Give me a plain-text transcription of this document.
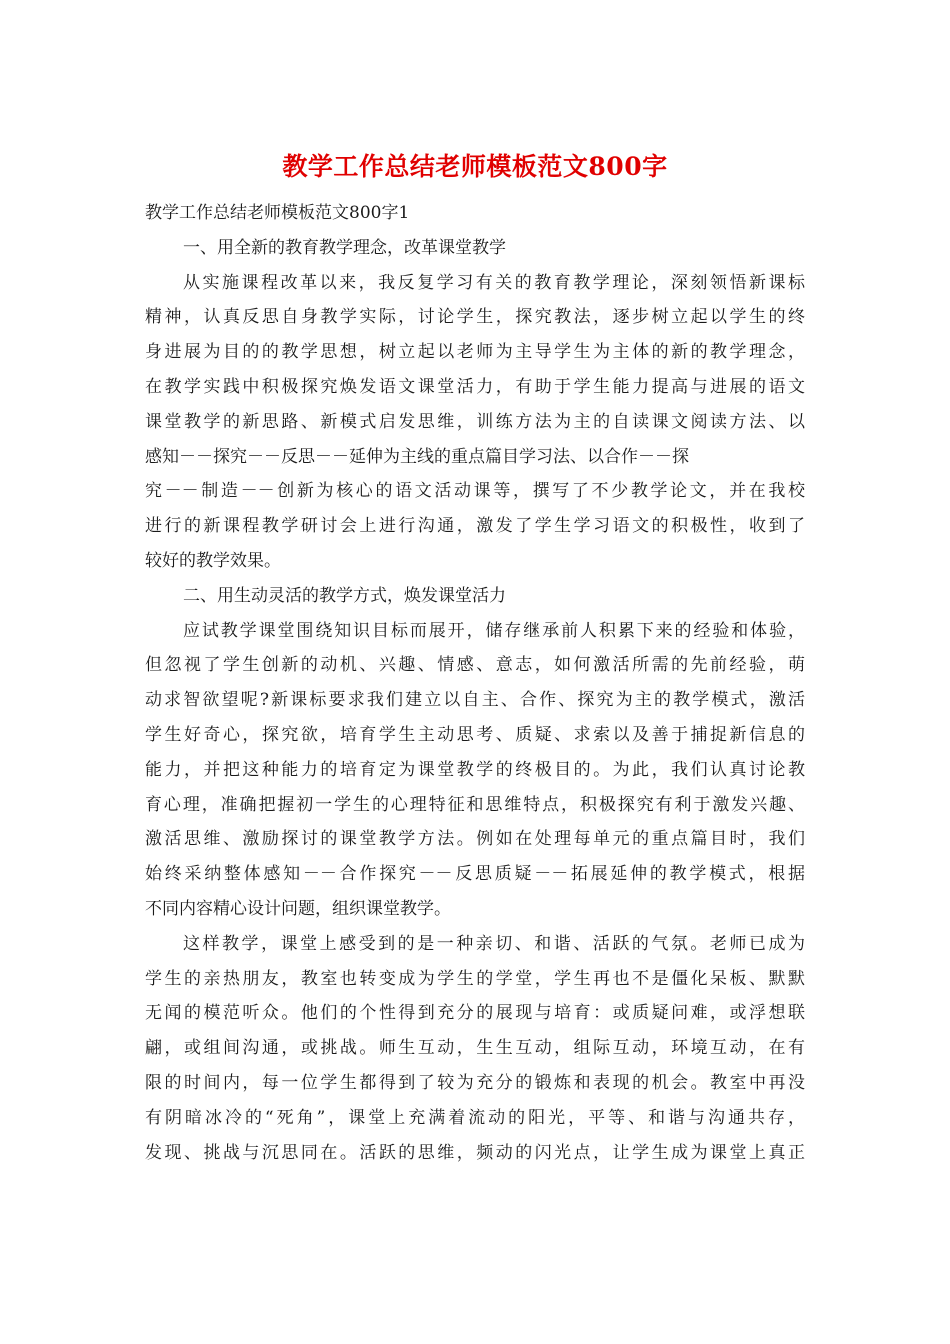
教学工作总结老师模板范文800字
教学工作总结老师模板范文800字1
一、用全新的教育教学理念，改革课堂教学
从实施课程改革以来，我反复学习有关的教育教学理论，深刻领悟新课标
精神，认真反思自身教学实际，讨论学生，探究教法，逐步树立起以学生的终
身进展为目的的教学思想，树立起以老师为主导学生为主体的新的教学理念，
在教学实践中积极探究焕发语文课堂活力，有助于学生能力提高与进展的语文
课堂教学的新思路、新模式启发思维，训练方法为主的自读课文阅读方法、以
感知－－探究－－反思－－延伸为主线的重点篇目学习法、以合作－－探
究－－制造－－创新为核心的语文活动课等，撰写了不少教学论文，并在我校
进行的新课程教学研讨会上进行沟通，激发了学生学习语文的积极性，收到了
较好的教学效果。
二、用生动灵活的教学方式，焕发课堂活力
应试教学课堂围绕知识目标而展开，储存继承前人积累下来的经验和体验，
但忽视了学生创新的动机、兴趣、情感、意志，如何激活所需的先前经验，萌
动求智欲望呢?新课标要求我们建立以自主、合作、探究为主的教学模式，激活
学生好奇心，探究欲，培育学生主动思考、质疑、求索以及善于捕捉新信息的
能力，并把这种能力的培育定为课堂教学的终极目的。为此，我们认真讨论教
育心理，准确把握初一学生的心理特征和思维特点，积极探究有利于激发兴趣、
激活思维、激励探讨的课堂教学方法。例如在处理每单元的重点篇目时，我们
始终采纳整体感知－－合作探究－－反思质疑－－拓展延伸的教学模式，根据
不同内容精心设计问题，组织课堂教学。
这样教学，课堂上感受到的是一种亲切、和谐、活跃的气氛。老师已成为
学生的亲热朋友，教室也转变成为学生的学堂，学生再也不是僵化呆板、默默
无闻的模范听众。他们的个性得到充分的展现与培育：或质疑问难，或浮想联
翩，或组间沟通，或挑战。师生互动，生生互动，组际互动，环境互动，在有
限的时间内，每一位学生都得到了较为充分的锻炼和表现的机会。教室中再没
有阴暗冰冷的“死角”，课堂上充满着流动的阳光，平等、和谐与沟通共存，
发现、挑战与沉思同在。活跃的思维，频动的闪光点，让学生成为课堂上真正
